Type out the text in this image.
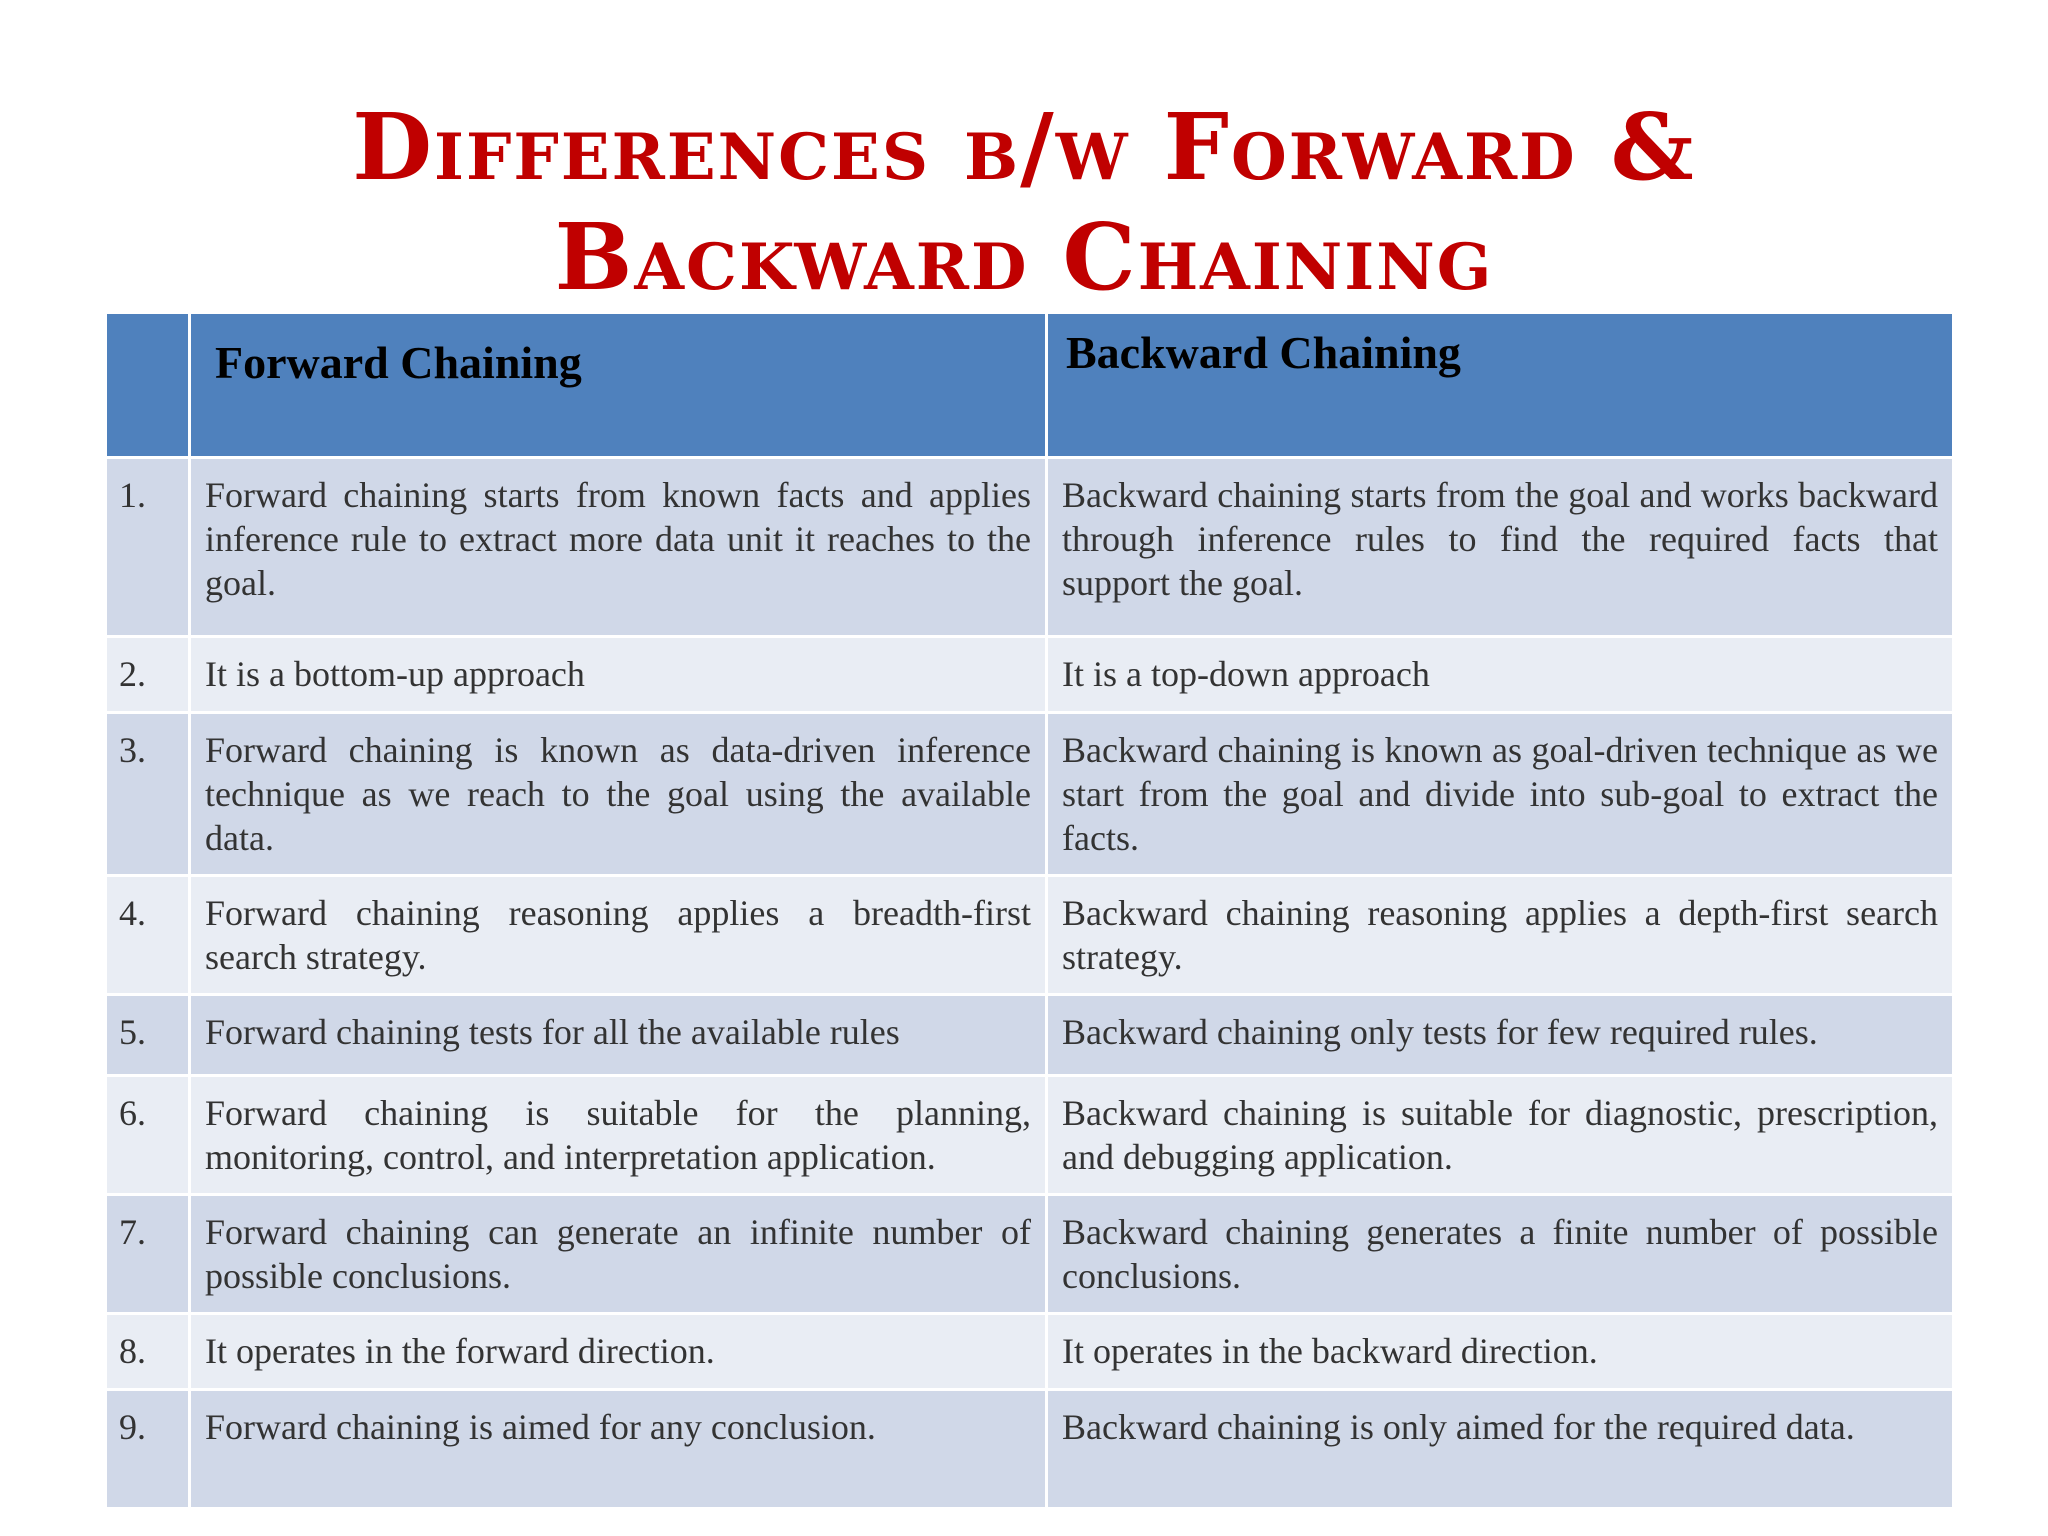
Differences b/w Forward &
Backward Chaining
	Forward Chaining	Backward Chaining
1.	Forward chaining starts from known facts and applies inference rule to extract more data unit it reaches to the goal.	Backward chaining starts from the goal and works backward through inference rules to find the required facts that support the goal.
2.	It is a bottom-up approach	It is a top-down approach
3.	Forward chaining is known as data-driven inference technique as we reach to the goal using the available data.	Backward chaining is known as goal-driven technique as we start from the goal and divide into sub-goal to extract the facts.
4.	Forward chaining reasoning applies a breadth-first search strategy.	Backward chaining reasoning applies a depth-first search strategy.
5.	Forward chaining tests for all the available rules	Backward chaining only tests for few required rules.
6.	Forward chaining is suitable for the planning, monitoring, control, and interpretation application.	Backward chaining is suitable for diagnostic, prescription, and debugging application.
7.	Forward chaining can generate an infinite number of possible conclusions.	Backward chaining generates a finite number of possible conclusions.
8.	It operates in the forward direction.	It operates in the backward direction.
9.	Forward chaining is aimed for any conclusion.	Backward chaining is only aimed for the required data.
